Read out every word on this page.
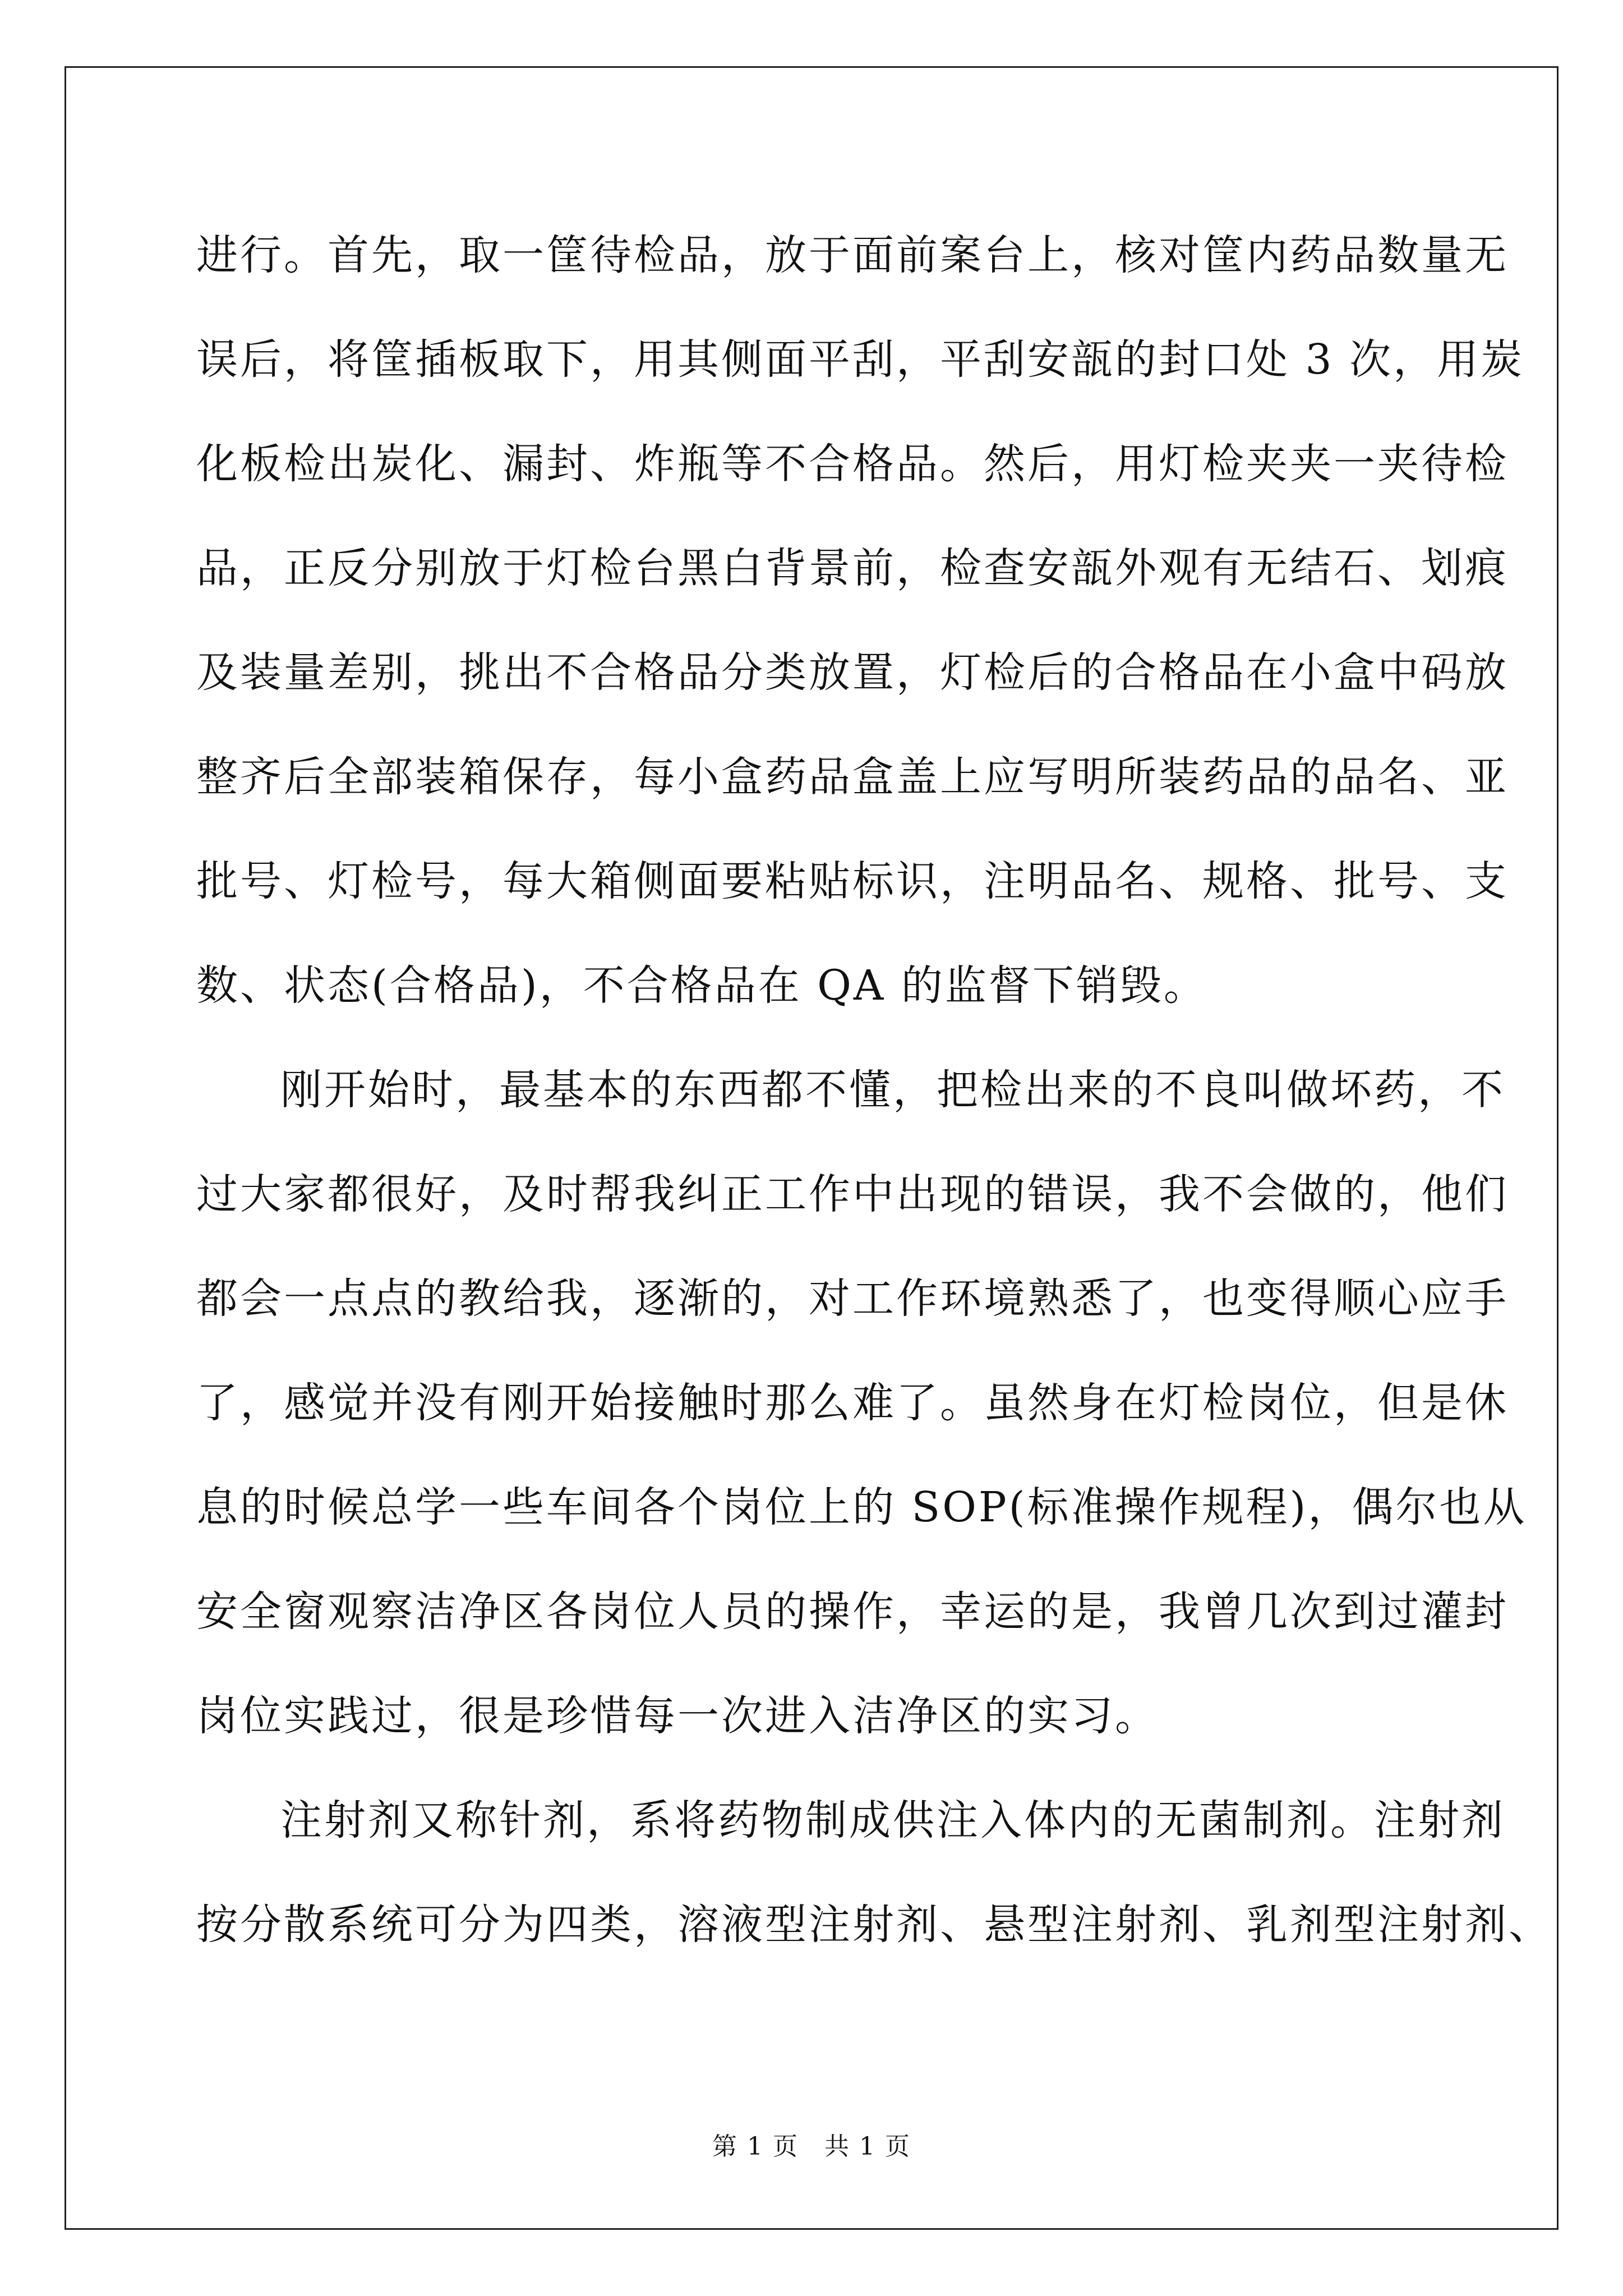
进行。首先，取一筐待检品，放于面前案台上，核对筐内药品数量无
误后，将筐插板取下，用其侧面平刮，平刮安瓿的封口处 3 次，用炭
化板检出炭化、漏封、炸瓶等不合格品。然后，用灯检夹夹一夹待检
品，正反分别放于灯检台黑白背景前，检查安瓿外观有无结石、划痕
及装量差别，挑出不合格品分类放置，灯检后的合格品在小盒中码放
整齐后全部装箱保存，每小盒药品盒盖上应写明所装药品的品名、亚
批号、灯检号，每大箱侧面要粘贴标识，注明品名、规格、批号、支
数、状态(合格品)，不合格品在 QA 的监督下销毁。
刚开始时，最基本的东西都不懂，把检出来的不良叫做坏药，不
过大家都很好，及时帮我纠正工作中出现的错误，我不会做的，他们
都会一点点的教给我，逐渐的，对工作环境熟悉了，也变得顺心应手
了，感觉并没有刚开始接触时那么难了。虽然身在灯检岗位，但是休
息的时候总学一些车间各个岗位上的 SOP(标准操作规程)，偶尔也从
安全窗观察洁净区各岗位人员的操作，幸运的是，我曾几次到过灌封
岗位实践过，很是珍惜每一次进入洁净区的实习。
注射剂又称针剂，系将药物制成供注入体内的无菌制剂。注射剂
按分散系统可分为四类，溶液型注射剂、悬型注射剂、乳剂型注射剂、
第 1 页　共 1 页
